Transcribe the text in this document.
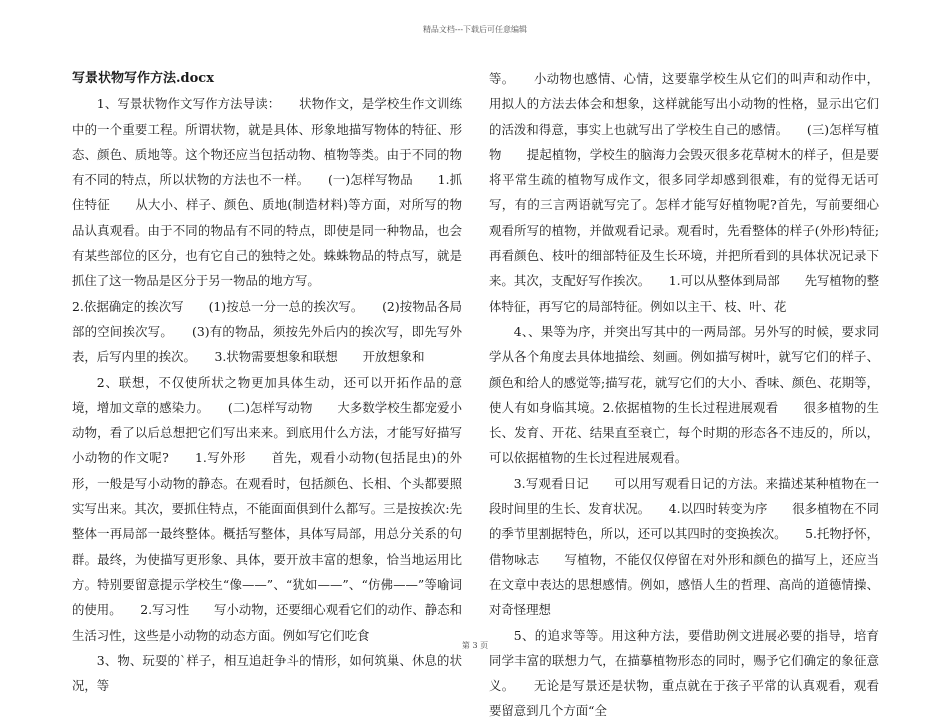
精品文档---下载后可任意编辑
写景状物写作方法.docx

1、写景状物作文写作方法导读：　　状物作文，是学校生作文训练中的一个重要工程。所谓状物，就是具体、形象地描写物体的特征、形态、颜色、质地等。这个物还应当包括动物、植物等类。由于不同的物有不同的特点，所以状物的方法也不一样。　　(一)怎样写物品　　1.抓住特征　　从大小、样子、颜色、质地(制造材料)等方面，对所写的物品认真观看。由于不同的物品有不同的特点，即使是同一种物品，也会有某些部位的区分，也有它自己的独特之处。蛛蛛物品的特点写，就是抓住了这一物品是区分于另一物品的地方写。

2.依据确定的挨次写　　(1)按总一分一总的挨次写。　　(2)按物品各局部的空间挨次写。　　(3)有的物品，须按先外后内的挨次写，即先写外表，后写内里的挨次。　　3.状物需要想象和联想　　开放想象和

2、联想，不仅使所状之物更加具体生动，还可以开拓作品的意境，增加文章的感染力。　　(二)怎样写动物　　大多数学校生都宠爱小动物，看了以后总想把它们写出来来。到底用什么方法，才能写好描写小动物的作文呢?　　1.写外形　　首先，观看小动物(包括昆虫)的外形，一般是写小动物的静态。在观看时，包括颜色、长相、个头都要照实写出来。其次，要抓住特点，不能面面俱到什么都写。三是按挨次:先整体一再局部一最终整体。概括写整体，具体写局部，用总分关系的句群。最终，为使描写更形象、具体，要开放丰富的想象，恰当地运用比方。特别要留意提示学校生“像——”、“犹如——”、“仿佛——”等喻词的使用。　　2.写习性　　写小动物，还要细心观看它们的动作、静态和生活习性，这些是小动物的动态方面。例如写它们吃食

3、物、玩耍的`样子，相互追赶争斗的情形，如何筑巢、休息的状况，等

等。　　小动物也感情、心情，这要靠学校生从它们的叫声和动作中，用拟人的方法去体会和想象，这样就能写出小动物的性格，显示出它们的活泼和得意，事实上也就写出了学校生自己的感情。　　(三)怎样写植物　　提起植物，学校生的脑海力会毁灭很多花草树木的样子，但是要将平常生疏的植物写成作文，很多同学却感到很难，有的觉得无话可写，有的三言两语就写完了。怎样才能写好植物呢?首先，写前要细心观看所写的植物，并做观看记录。观看时，先看整体的样子(外形)特征;再看颜色、枝叶的细部特征及生长环境，并把所看到的具体状况记录下来。其次，支配好写作挨次。　　1.可以从整体到局部　　先写植物的整体特征，再写它的局部特征。例如以主干、枝、叶、花

4、、果等为序，并突出写其中的一两局部。另外写的时候，要求同学从各个角度去具体地描绘、刻画。例如描写树叶，就写它们的样子、颜色和给人的感觉等;描写花，就写它们的大小、香味、颜色、花期等，使人有如身临其境。2.依据植物的生长过程进展观看　　很多植物的生长、发育、开花、结果直至衰亡，每个时期的形态各不违反的，所以，可以依据植物的生长过程进展观看。

3.写观看日记　　可以用写观看日记的方法。来描述某种植物在一段时间里的生长、发育状况。　　4.以四时转变为序　　很多植物在不同的季节里割据特色，所以，还可以其四时的变换挨次。　　5.托物抒怀，借物咏志　　写植物，不能仅仅停留在对外形和颜色的描写上，还应当在文章中表达的思想感情。例如，感悟人生的哲理、高尚的道德情操、对奇怪理想

5、的追求等等。用这种方法，要借助例文进展必要的指导，培育同学丰富的联想力气，在描摹植物形态的同时，赐予它们确定的象征意义。　　无论是写景还是状物，重点就在于孩子平常的认真观看，观看要留意到几个方面“全

第 3 页
